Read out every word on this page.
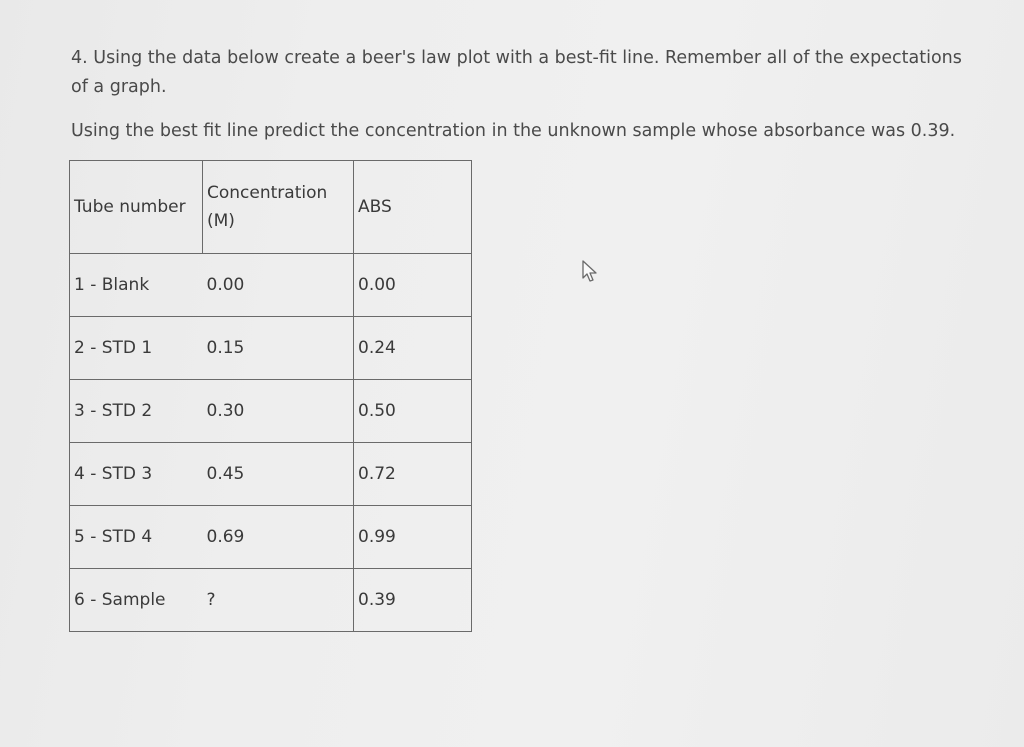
4. Using the data below create a beer's law plot with a best-fit line. Remember all of the expectations of a graph.

Using the best fit line predict the concentration in the unknown sample whose absorbance was 0.39.

Tube number	Concentration (M)	ABS
1 - Blank	0.00	0.00
2 - STD 1	0.15	0.24
3 - STD 2	0.30	0.50
4 - STD 3	0.45	0.72
5 - STD 4	0.69	0.99
6 - Sample	?	0.39
